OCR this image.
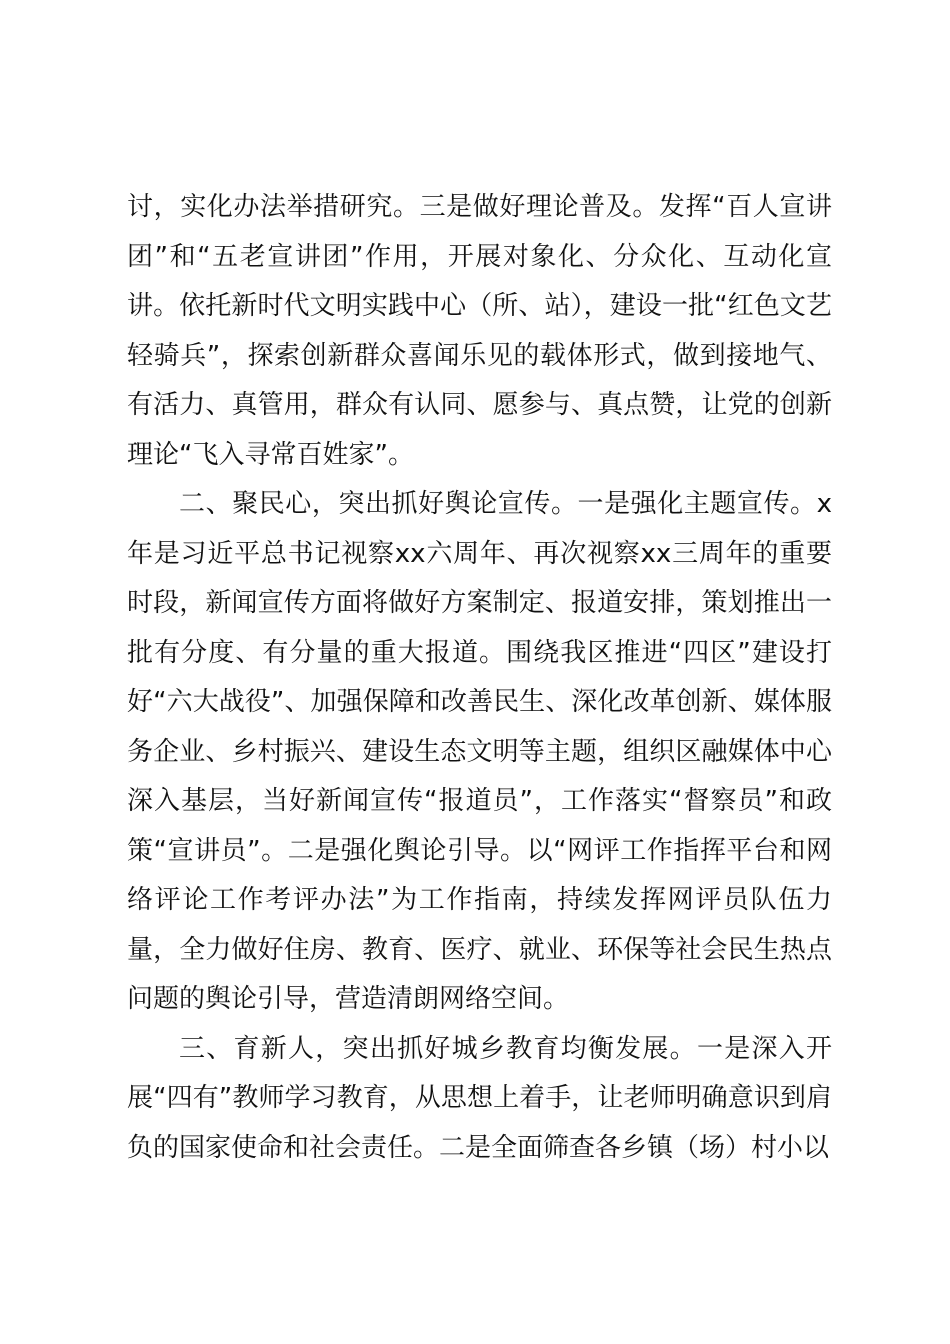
讨，实化办法举措研究。三是做好理论普及。发挥“百人宣讲团”和“五老宣讲团”作用，开展对象化、分众化、互动化宣讲。依托新时代文明实践中心（所、站），建设一批“红色文艺轻骑兵”，探索创新群众喜闻乐见的载体形式，做到接地气、有活力、真管用，群众有认同、愿参与、真点赞，让党的创新理论“飞入寻常百姓家”。

二、聚民心，突出抓好舆论宣传。一是强化主题宣传。x年是习近平总书记视察xx六周年、再次视察xx三周年的重要时段，新闻宣传方面将做好方案制定、报道安排，策划推出一批有分度、有分量的重大报道。围绕我区推进“四区”建设打好“六大战役”、加强保障和改善民生、深化改革创新、媒体服务企业、乡村振兴、建设生态文明等主题，组织区融媒体中心深入基层，当好新闻宣传“报道员”，工作落实“督察员”和政策“宣讲员”。二是强化舆论引导。以“网评工作指挥平台和网络评论工作考评办法”为工作指南，持续发挥网评员队伍力量，全力做好住房、教育、医疗、就业、环保等社会民生热点问题的舆论引导，营造清朗网络空间。

三、育新人，突出抓好城乡教育均衡发展。一是深入开展“四有”教师学习教育，从思想上着手，让老师明确意识到肩负的国家使命和社会责任。二是全面筛查各乡镇（场）村小以
